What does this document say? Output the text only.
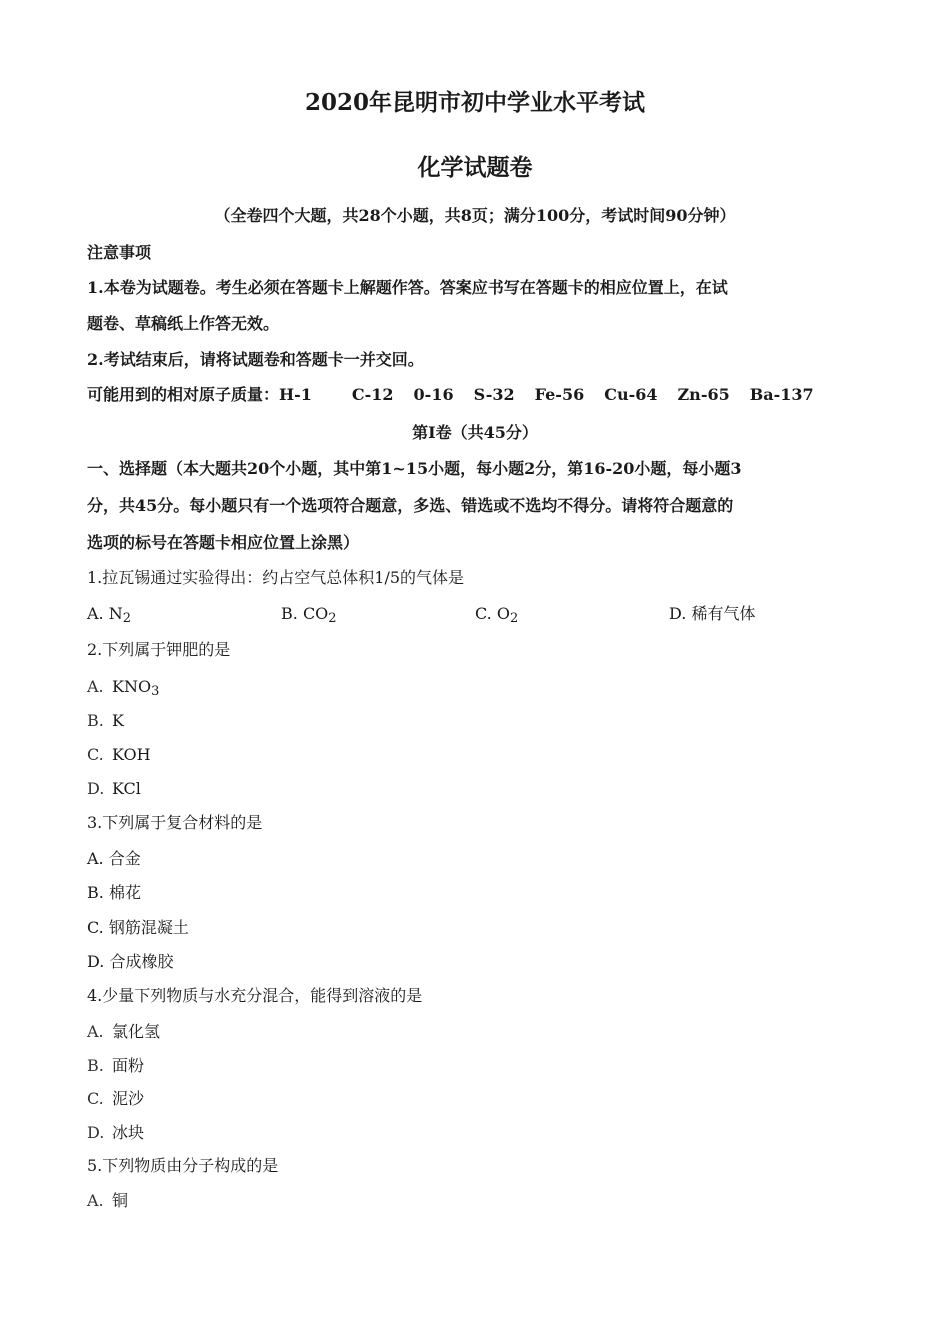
2020年昆明市初中学业水平考试
化学试题卷
（全卷四个大题，共28个小题，共8页；满分100分，考试时间90分钟）
注意事项
1.本卷为试题卷。考生必须在答题卡上解题作答。答案应书写在答题卡的相应位置上，在试
题卷、草稿纸上作答无效。
2.考试结束后，请将试题卷和答题卡一并交回。
可能用到的相对原子质量：H-1	C-12 0-16 S-32 Fe-56 Cu-64 Zn-65 Ba-137
第Ⅰ卷（共45分）
一、选择题（本大题共20个小题，其中第1~15小题，每小题2分，第16-20小题，每小题3
分，共45分。每小题只有一个选项符合题意，多选、错选或不选均不得分。请将符合题意的
选项的标号在答题卡相应位置上涂黑）
1.拉瓦锡通过实验得出：约占空气总体积1/5的气体是
A. $N_2$	B. $CO_2$	C. $O_2$	D. 稀有气体
2.下列属于钾肥的是
A. $KNO_3$
B. K
C. KOH
D. KCl
3.下列属于复合材料的是
A. 合金
B. 棉花
C. 钢筋混凝土
D. 合成橡胶
4.少量下列物质与水充分混合，能得到溶液的是
A. 氯化氢
B. 面粉
C. 泥沙
D. 冰块
5.下列物质由分子构成的是
A. 铜
